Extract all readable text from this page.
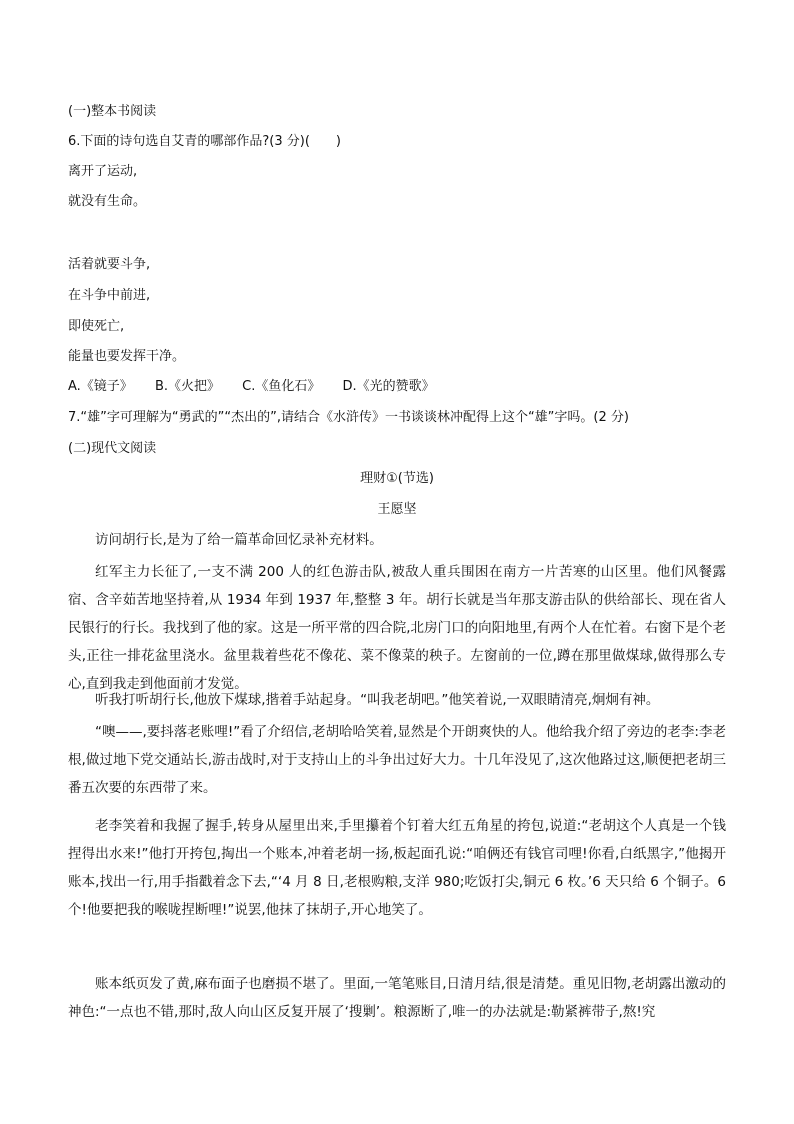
(一)整本书阅读
6.下面的诗句选自艾青的哪部作品?(3 分)(　　)
离开了运动,
就没有生命。
活着就要斗争,
在斗争中前进,
即使死亡,
能量也要发挥干净。
A.《镜子》 B.《火把》 C.《鱼化石》 D.《光的赞歌》
7.“雄”字可理解为“勇武的”“杰出的”,请结合《水浒传》一书谈谈林冲配得上这个“雄”字吗。(2 分)
(二)现代文阅读
理财①(节选)
王愿坚

访问胡行长,是为了给一篇革命回忆录补充材料。

红军主力长征了,一支不满 200 人的红色游击队,被敌人重兵围困在南方一片苦寒的山区里。他们风餐露宿、含辛茹苦地坚持着,从 1934 年到 1937 年,整整 3 年。胡行长就是当年那支游击队的供给部长、现在省人民银行的行长。我找到了他的家。这是一所平常的四合院,北房门口的向阳地里,有两个人在忙着。右窗下是个老头,正往一排花盆里浇水。盆里栽着些花不像花、菜不像菜的秧子。左窗前的一位,蹲在那里做煤球,做得那么专心,直到我走到他面前才发觉。

听我打听胡行长,他放下煤球,揩着手站起身。“叫我老胡吧。”他笑着说,一双眼睛清亮,炯炯有神。

“噢——,要抖落老账哩!”看了介绍信,老胡哈哈笑着,显然是个开朗爽快的人。他给我介绍了旁边的老李:李老根,做过地下党交通站长,游击战时,对于支持山上的斗争出过好大力。十几年没见了,这次他路过这,顺便把老胡三番五次要的东西带了来。

老李笑着和我握了握手,转身从屋里出来,手里攥着个钉着大红五角星的挎包,说道:“老胡这个人真是一个钱捏得出水来!”他打开挎包,掏出一个账本,冲着老胡一扬,板起面孔说:“咱俩还有钱官司哩!你看,白纸黑字,”他揭开账本,找出一行,用手指戳着念下去,“‘4 月 8 日,老根购粮,支洋 980;吃饭打尖,铜元 6 枚。’6 天只给 6 个铜子。6 个!他要把我的喉咙捏断哩!”说罢,他抹了抹胡子,开心地笑了。

账本纸页发了黄,麻布面子也磨损不堪了。里面,一笔笔账目,日清月结,很是清楚。重见旧物,老胡露出激动的神色:“一点也不错,那时,敌人向山区反复开展了‘搜剿’。粮源断了,唯一的办法就是:勒紧裤带子,熬!究
